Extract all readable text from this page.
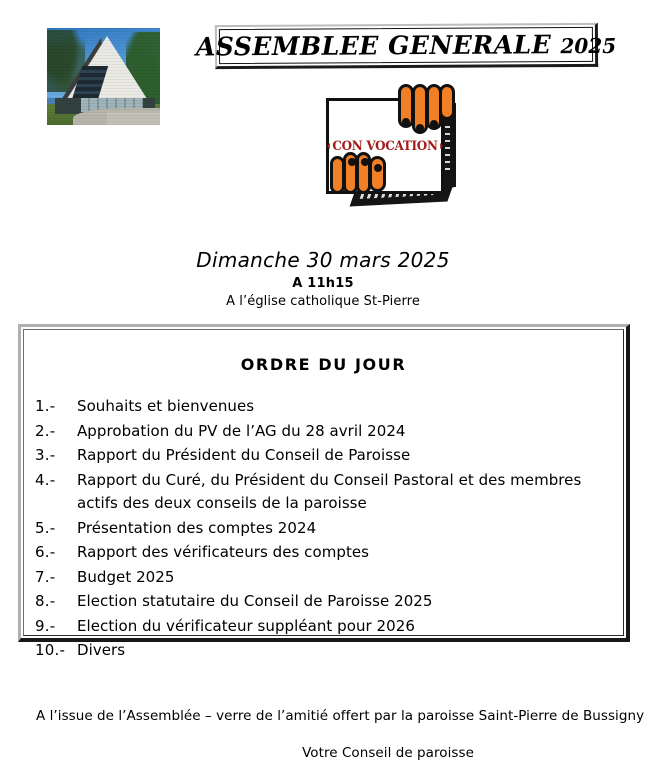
ASSEMBLEE GENERALE 2025
CON VOCATION
Dimanche 30 mars 2025
A 11h15
A l’église catholique St-Pierre
ORDRE DU JOUR
1.-	Souhaits et bienvenues
2.-	Approbation du PV de l’AG du 28 avril 2024
3.-	Rapport du Président du Conseil de Paroisse
4.-	Rapport du Curé, du Président du Conseil Pastoral et des membres actifs des deux conseils de la paroisse
5.-	Présentation des comptes 2024
6.-	Rapport des vérificateurs des comptes
7.-	Budget 2025
8.-	Election statutaire du Conseil de Paroisse 2025
9.-	Election du vérificateur suppléant pour 2026
10.- Divers
A l’issue de l’Assemblée – verre de l’amitié offert par la paroisse Saint-Pierre de Bussigny
Votre Conseil de paroisse
